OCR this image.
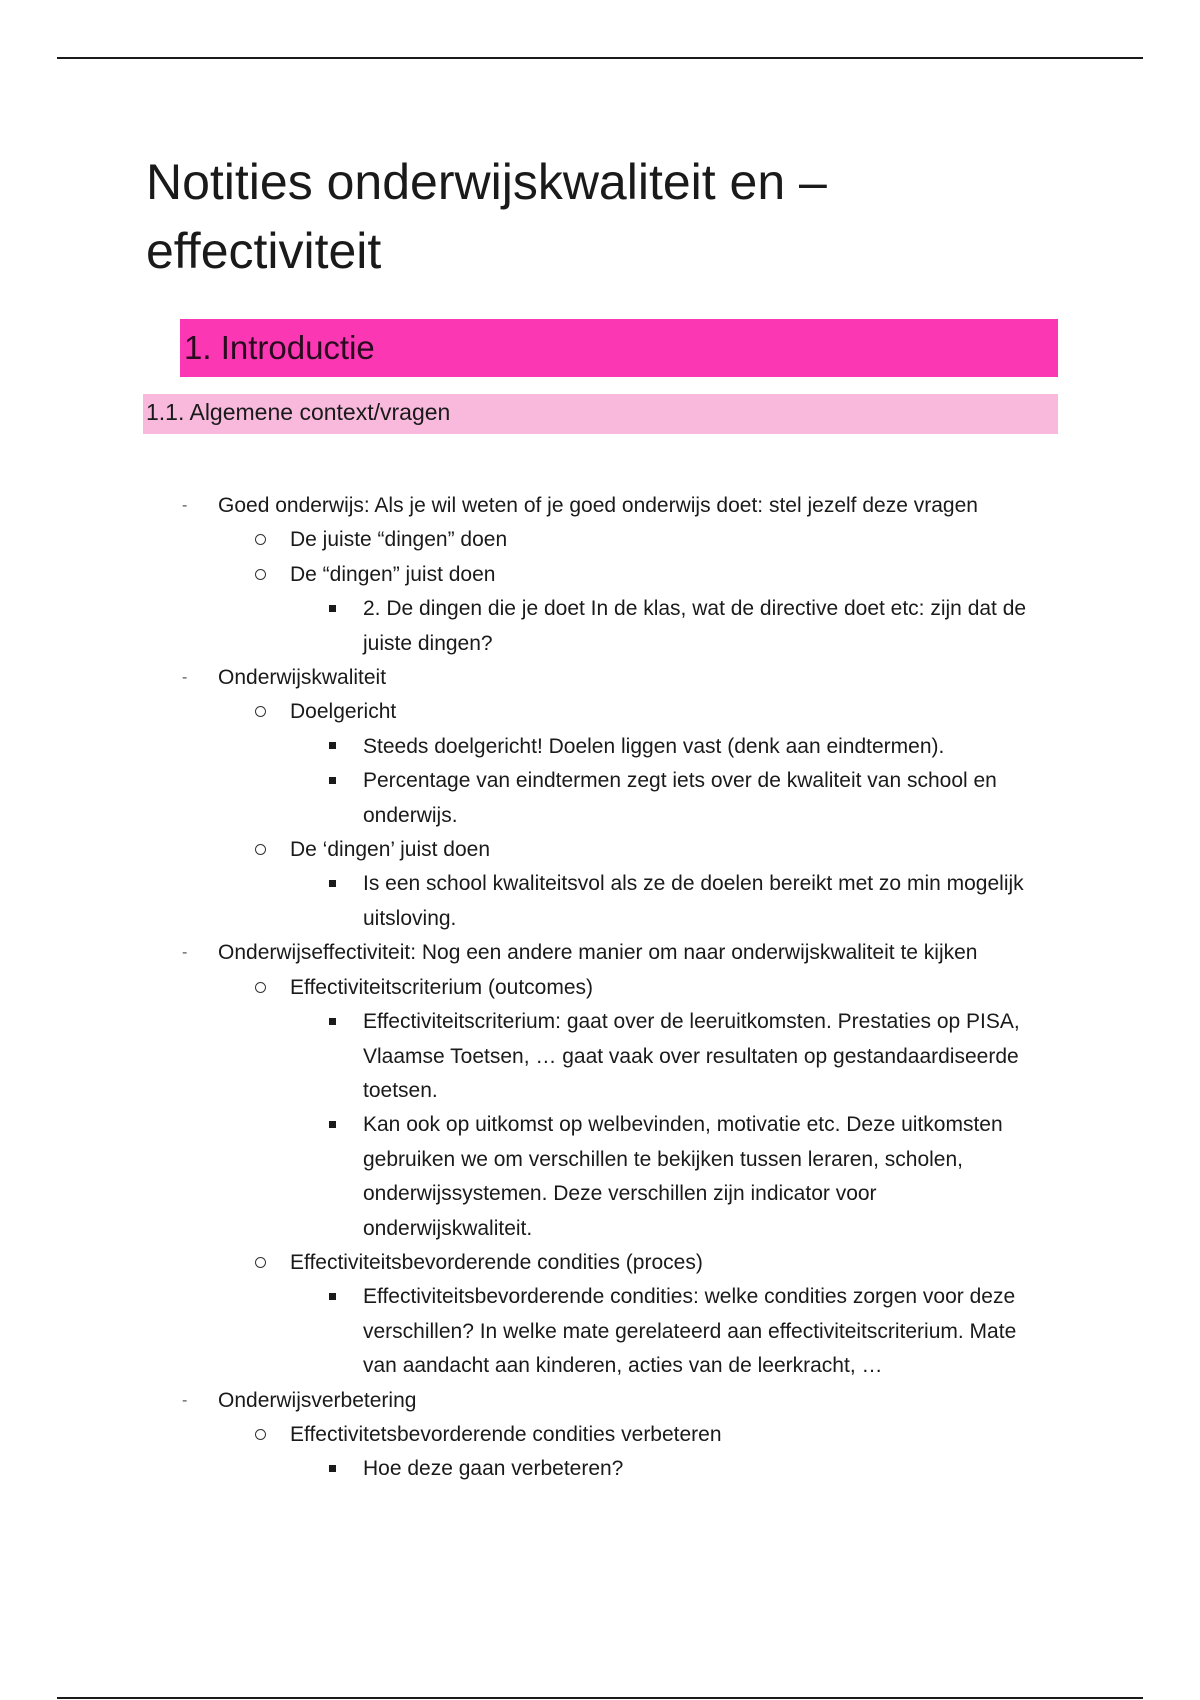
Notities onderwijskwaliteit en – effectiviteit
1. Introductie
1.1. Algemene context/vragen
- Goed onderwijs: Als je wil weten of je goed onderwijs doet: stel jezelf deze vragen
De juiste “dingen” doen
De “dingen” juist doen
2. De dingen die je doet In de klas, wat de directive doet etc: zijn dat de juiste dingen?
- Onderwijskwaliteit
Doelgericht
Steeds doelgericht! Doelen liggen vast (denk aan eindtermen).
Percentage van eindtermen zegt iets over de kwaliteit van school en onderwijs.
De ‘dingen’ juist doen
Is een school kwaliteitsvol als ze de doelen bereikt met zo min mogelijk uitsloving.
- Onderwijseffectiviteit: Nog een andere manier om naar onderwijskwaliteit te kijken
Effectiviteitscriterium (outcomes)
Effectiviteitscriterium: gaat over de leeruitkomsten. Prestaties op PISA, Vlaamse Toetsen, … gaat vaak over resultaten op gestandaardiseerde toetsen.
Kan ook op uitkomst op welbevinden, motivatie etc. Deze uitkomsten gebruiken we om verschillen te bekijken tussen leraren, scholen, onderwijssystemen. Deze verschillen zijn indicator voor onderwijskwaliteit.
Effectiviteitsbevorderende condities (proces)
Effectiviteitsbevorderende condities: welke condities zorgen voor deze verschillen? In welke mate gerelateerd aan effectiviteitscriterium. Mate van aandacht aan kinderen, acties van de leerkracht, …
- Onderwijsverbetering
Effectivitetsbevorderende condities verbeteren
Hoe deze gaan verbeteren?
